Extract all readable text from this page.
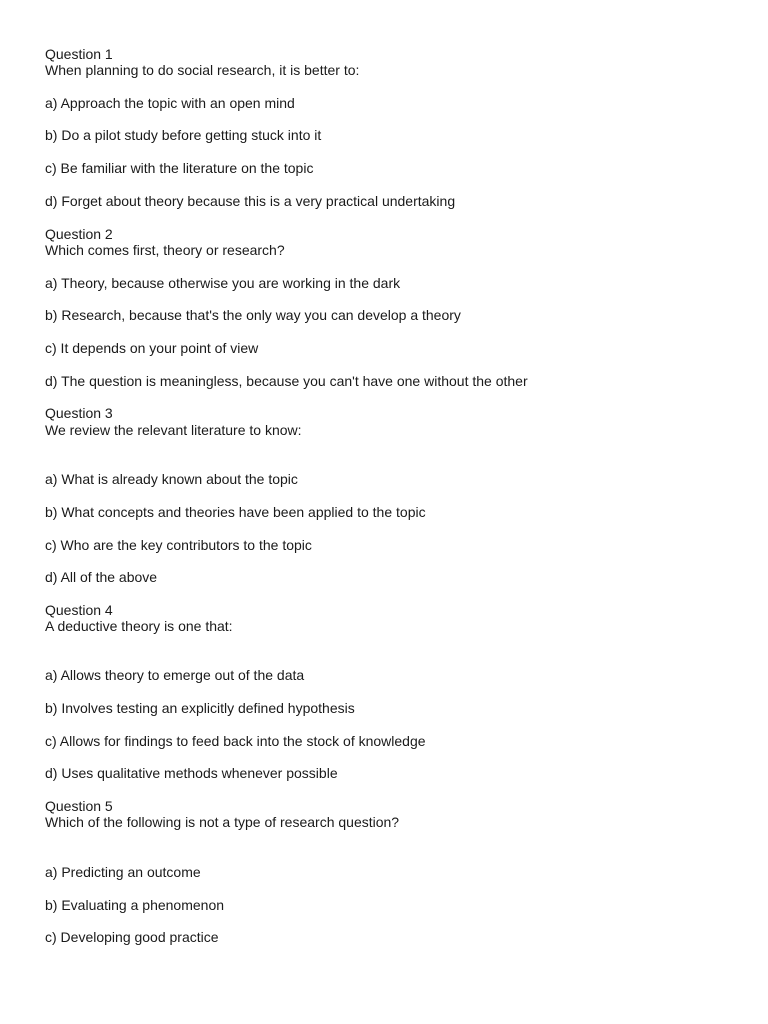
Question 1
When planning to do social research, it is better to:
a) Approach the topic with an open mind
b) Do a pilot study before getting stuck into it
c) Be familiar with the literature on the topic
d) Forget about theory because this is a very practical undertaking
Question 2
Which comes first, theory or research?
a) Theory, because otherwise you are working in the dark
b) Research, because that's the only way you can develop a theory
c) It depends on your point of view
d) The question is meaningless, because you can't have one without the other
Question 3
We review the relevant literature to know:
a) What is already known about the topic
b) What concepts and theories have been applied to the topic
c) Who are the key contributors to the topic
d) All of the above
Question 4
A deductive theory is one that:
a) Allows theory to emerge out of the data
b) Involves testing an explicitly defined hypothesis
c) Allows for findings to feed back into the stock of knowledge
d) Uses qualitative methods whenever possible
Question 5
Which of the following is not a type of research question?
a) Predicting an outcome
b) Evaluating a phenomenon
c) Developing good practice
